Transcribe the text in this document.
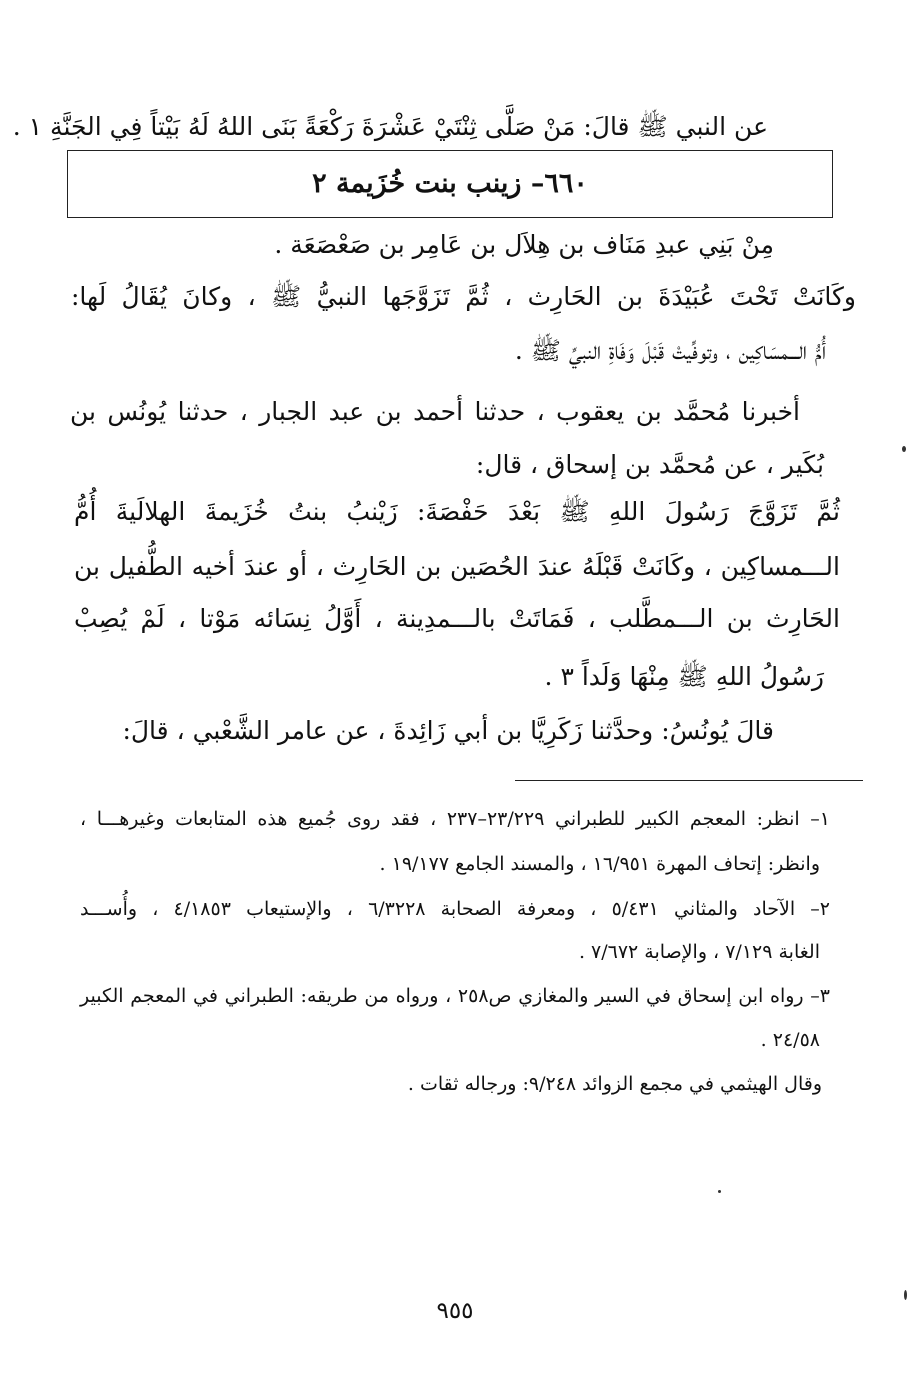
عن النبي ﷺ قالَ: مَنْ صَلَّى ثِنْتَيْ عَشْرَةَ رَكْعَةً بَنَى اللهُ لَهُ بَيْتاً فِي الجَنَّةِ ١ .
٦٦٠– زينب بنت خُزَيمة ٢
مِنْ بَنِي عبدِ مَنَاف بن هِلاَل بن عَامِر بن صَعْصَعَة .
وكَانَتْ تَحْتَ عُبَيْدَةَ بن الحَارِث ، ثُمَّ تَزَوَّجَها النبيُّ ﷺ ، وكانَ يُقَالُ لَها:
أُمُّ الـــمسَاكِين ، وتوفِّيتْ قَبْلَ وَفَاةِ النبيِّ ﷺ .
أخبرنا مُحمَّد بن يعقوب ، حدثنا أحمد بن عبد الجبار ، حدثنا يُونُس بن
بُكَير ، عن مُحمَّد بن إسحاق ، قال:
ثُمَّ تَزَوَّجَ رَسُولَ اللهِ ﷺ بَعْدَ حَفْصَةَ: زَيْنبُ بنتُ خُزَيمةَ الهلالَيةَ أُمُّ
الـــمساكِين ، وكَانَتْ قَبْلَهُ عندَ الحُصَين بن الحَارِث ، أو عندَ أخيه الطُّفيل بن
الحَارِث بن الـــمطَّلب ، فَمَاتَتْ بالـــمدِينة ، أَوَّلُ نِسَائه مَوْتا ، لَمْ يُصِبْ
رَسُولُ اللهِ ﷺ مِنْهَا وَلَداً ٣ .
قالَ يُونُسُ: وحدَّثنا زَكَرِيَّا بن أبي زَائِدةَ ، عن عامر الشَّعْبي ، قالَ:
١– انظر: المعجم الكبير للطبراني ٢٣/٢٢٩–٢٣٧ ، فقد روى جُميع هذه المتابعات وغيرهـــا ،
وانظر: إتحاف المهرة ١٦/٩٥١ ، والمسند الجامع ١٩/١٧٧ .
٢– الآحاد والمثاني ٥/٤٣١ ، ومعرفة الصحابة ٦/٣٢٢٨ ، والإستيعاب ٤/١٨٥٣ ، وأُســـد
الغابة ٧/١٢٩ ، والإصابة ٧/٦٧٢ .
٣– رواه ابن إسحاق في السير والمغازي ص٢٥٨ ، ورواه من طريقه: الطبراني في المعجم الكبير
٢٤/٥٨ .
وقال الهيثمي في مجمع الزوائد ٩/٢٤٨: ورجاله ثقات .
٩٥٥
